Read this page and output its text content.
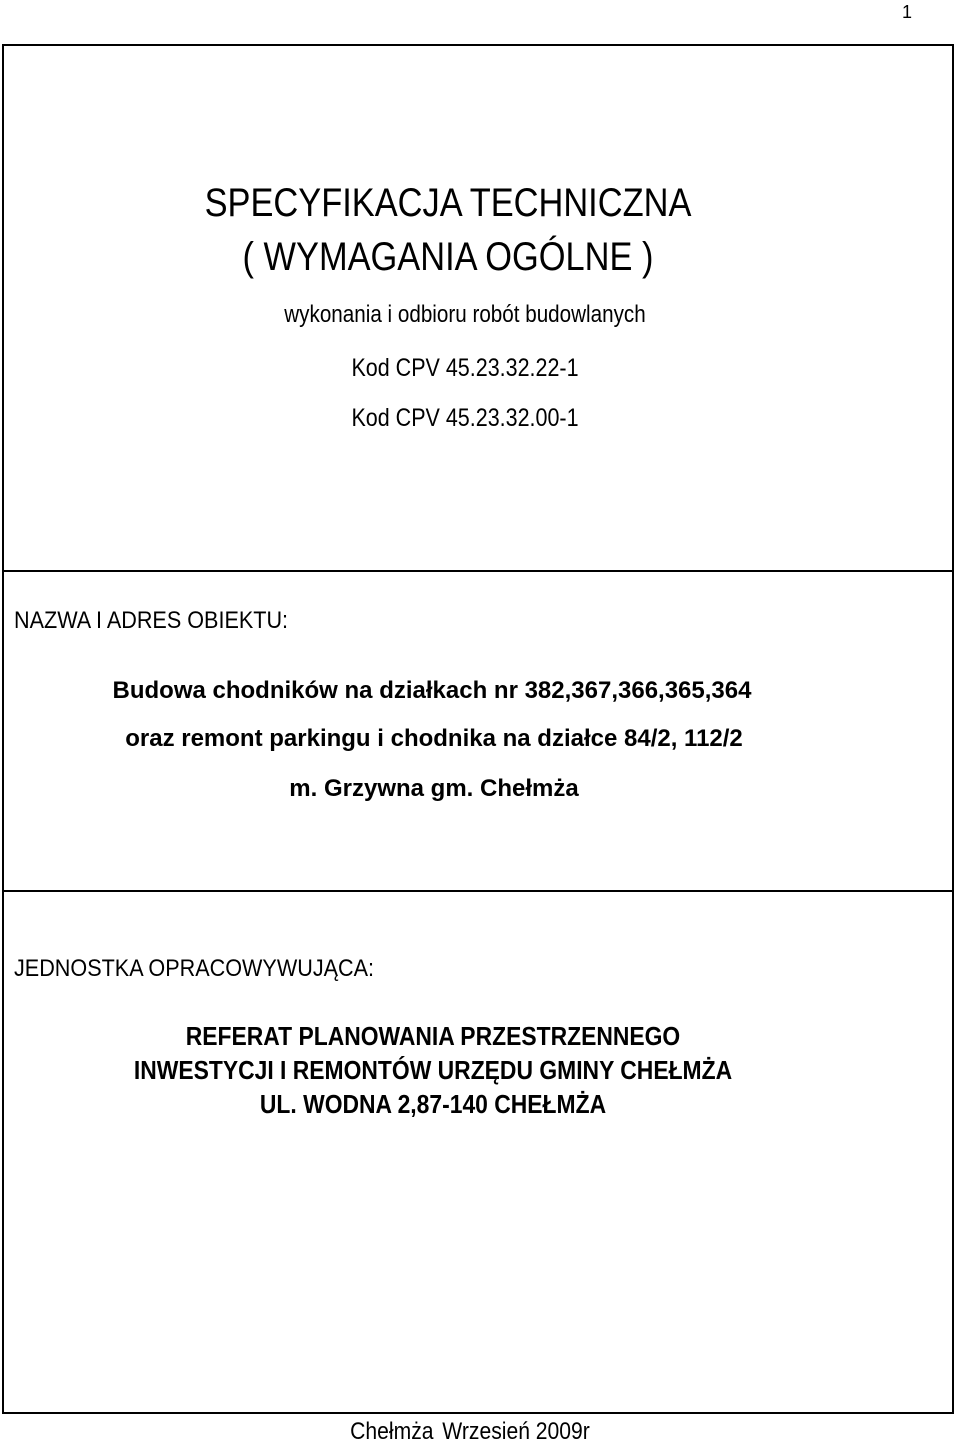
1
SPECYFIKACJA TECHNICZNA
( WYMAGANIA OGÓLNE )
wykonania i odbioru robót budowlanych
Kod CPV 45.23.32.22-1
Kod CPV 45.23.32.00-1
NAZWA I ADRES OBIEKTU:
Budowa chodników na działkach nr 382,367,366,365,364
oraz remont parkingu i chodnika na działce 84/2, 112/2
m. Grzywna gm. Chełmża
JEDNOSTKA OPRACOWYWUJĄCA:
REFERAT PLANOWANIA PRZESTRZENNEGO
INWESTYCJI I REMONTÓW URZĘDU GMINY CHEŁMŻA
UL. WODNA 2,87-140 CHEŁMŻA
Chełmża Wrzesień 2009r
